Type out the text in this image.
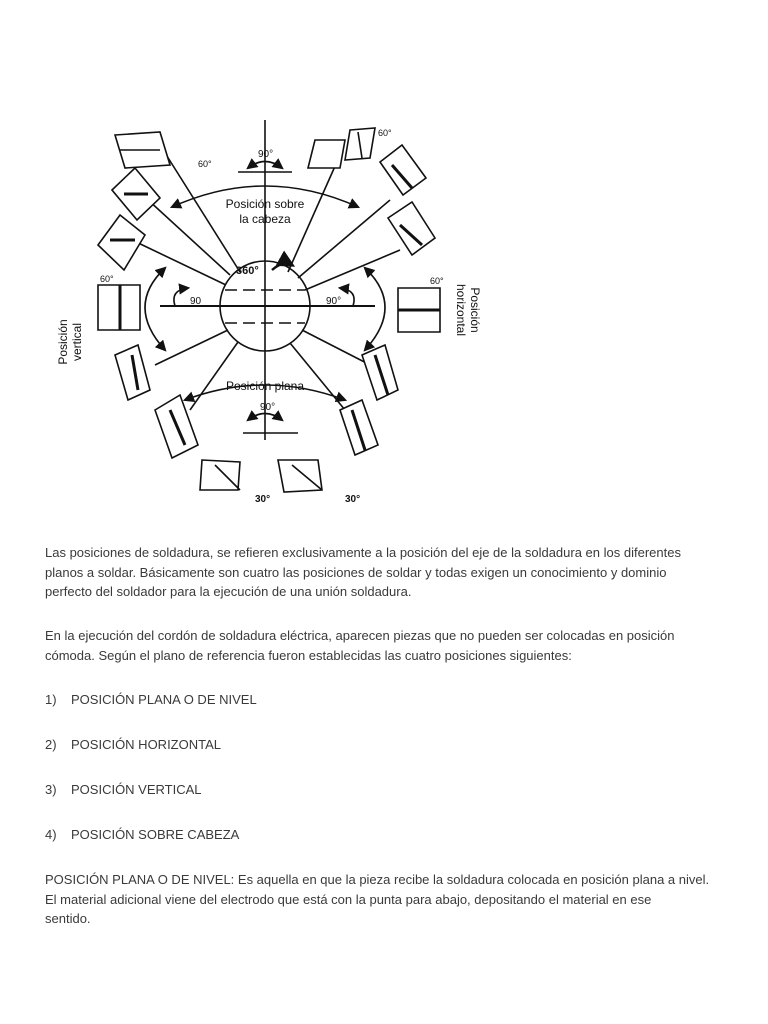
Posición sobre
la cabeza
Posición plana
Posición vertical
Posición
horizontal
360°
90°
90	90°
90°
60°
60°
60°	60°
30°	30°
Las posiciones de soldadura, se refieren exclusivamente a la posición del eje de la soldadura en los diferentes
planos a soldar. Básicamente son cuatro las posiciones de soldar y todas exigen un conocimiento y dominio
perfecto del soldador para la ejecución de una unión soldadura.
En la ejecución del cordón de soldadura eléctrica, aparecen piezas que no pueden ser colocadas en posición
cómoda. Según el plano de referencia fueron establecidas las cuatro posiciones siguientes:
1) POSICIÓN PLANA O DE NIVEL
2) POSICIÓN HORIZONTAL
3) POSICIÓN VERTICAL
4) POSICIÓN SOBRE CABEZA
POSICIÓN PLANA O DE NIVEL: Es aquella en que la pieza recibe la soldadura colocada en posición plana a nivel.
El material adicional viene del electrodo que está con la punta para abajo, depositando el material en ese
sentido.
